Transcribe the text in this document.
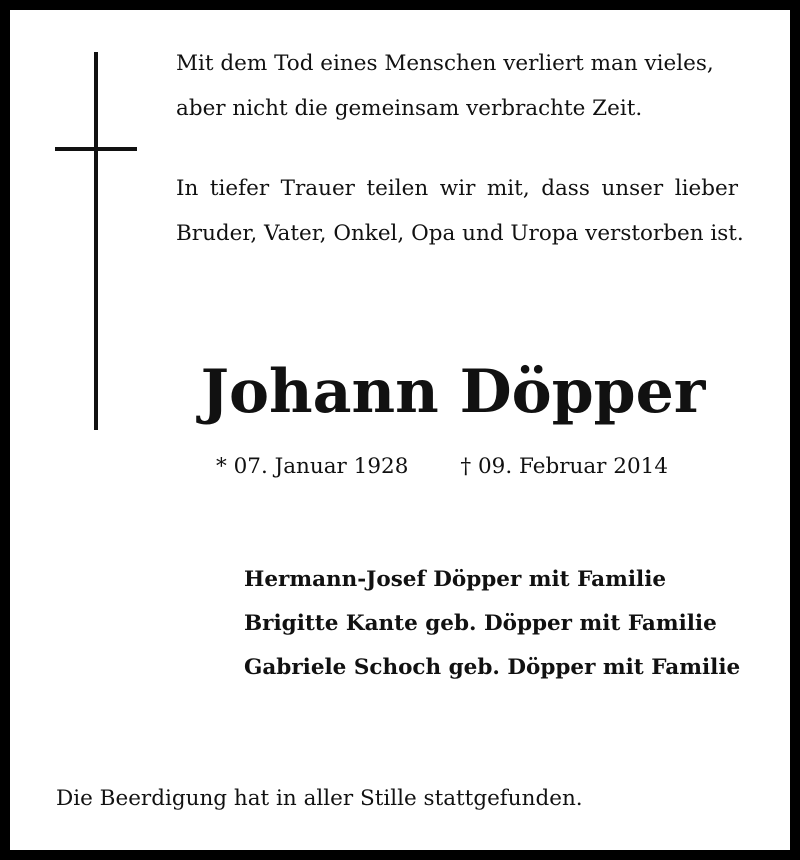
Mit dem Tod eines Menschen verliert man vieles,
aber nicht die gemeinsam verbrachte Zeit.
In tiefer Trauer teilen wir mit, dass unser lieber
Bruder, Vater, Onkel, Opa und Uropa verstorben ist.
Johann Döpper
* 07. Januar 1928 † 09. Februar 2014
Hermann-Josef Döpper mit Familie
Brigitte Kante geb. Döpper mit Familie
Gabriele Schoch geb. Döpper mit Familie
Die Beerdigung hat in aller Stille stattgefunden.
